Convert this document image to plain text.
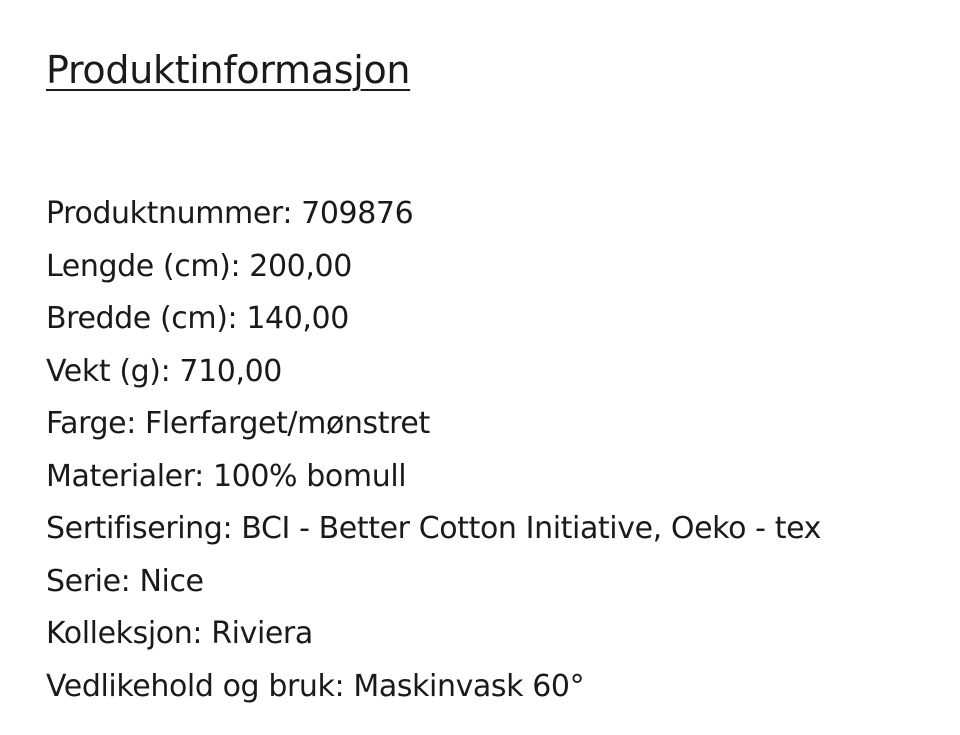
Produktinformasjon
Produktnummer: 709876
Lengde (cm): 200,00
Bredde (cm): 140,00
Vekt (g): 710,00
Farge: Flerfarget/mønstret
Materialer: 100% bomull
Sertifisering: BCI - Better Cotton Initiative, Oeko - tex
Serie: Nice
Kolleksjon: Riviera
Vedlikehold og bruk: Maskinvask 60°
